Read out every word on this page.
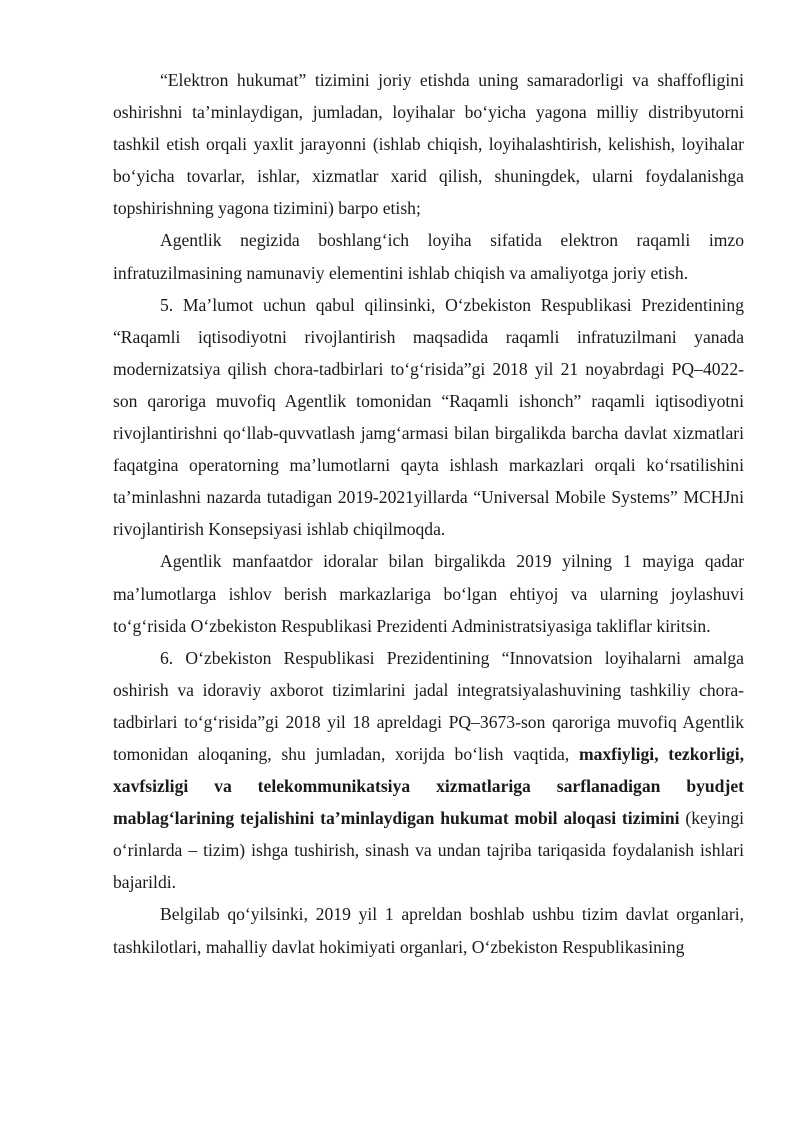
“Elektron hukumat” tizimini joriy etishda uning samaradorligi va shaffofligini oshirishni ta’minlaydigan, jumladan, loyihalar bo‘yicha yagona milliy distribyutorni tashkil etish orqali yaxlit jarayonni (ishlab chiqish, loyihalashtirish, kelishish, loyihalar bo‘yicha tovarlar, ishlar, xizmatlar xarid qilish, shuningdek, ularni foydalanishga topshirishning yagona tizimini) barpo etish;

Agentlik negizida boshlang‘ich loyiha sifatida elektron raqamli imzo infratuzilmasining namunaviy elementini ishlab chiqish va amaliyotga joriy etish.

5. Ma’lumot uchun qabul qilinsinki, O‘zbekiston Respublikasi Prezidentining “Raqamli iqtisodiyotni rivojlantirish maqsadida raqamli infratuzilmani yanada modernizatsiya qilish chora-tadbirlari to‘g‘risida”gi 2018 yil 21 noyabrdagi PQ–4022-son qaroriga muvofiq Agentlik tomonidan “Raqamli ishonch” raqamli iqtisodiyotni rivojlantirishni qo‘llab-quvvatlash jamg‘armasi bilan birgalikda barcha davlat xizmatlari faqatgina operatorning ma’lumotlarni qayta ishlash markazlari orqali ko‘rsatilishini ta’minlashni nazarda tutadigan 2019-2021yillarda “Universal Mobile Systems” MCHJni rivojlantirish Konsepsiyasi ishlab chiqilmoqda.

Agentlik manfaatdor idoralar bilan birgalikda 2019 yilning 1 mayiga qadar ma’lumotlarga ishlov berish markazlariga bo‘lgan ehtiyoj va ularning joylashuvi to‘g‘risida O‘zbekiston Respublikasi Prezidenti Administratsiyasiga takliflar kiritsin.

6. O‘zbekiston Respublikasi Prezidentining “Innovatsion loyihalarni amalga oshirish va idoraviy axborot tizimlarini jadal integratsiyalashuvining tashkiliy chora-tadbirlari to‘g‘risida”gi 2018 yil 18 apreldagi PQ–3673-son qaroriga muvofiq Agentlik tomonidan aloqaning, shu jumladan, xorijda bo‘lish vaqtida, maxfiyligi, tezkorligi, xavfsizligi va telekommunikatsiya xizmatlariga sarflanadigan byudjet mablag‘larining tejalishini ta’minlaydigan hukumat mobil aloqasi tizimini (keyingi o‘rinlarda – tizim) ishga tushirish, sinash va undan tajriba tariqasida foydalanish ishlari bajarildi.

Belgilab qo‘yilsinki, 2019 yil 1 apreldan boshlab ushbu tizim davlat organlari, tashkilotlari, mahalliy davlat hokimiyati organlari, O‘zbekiston Respublikasining
